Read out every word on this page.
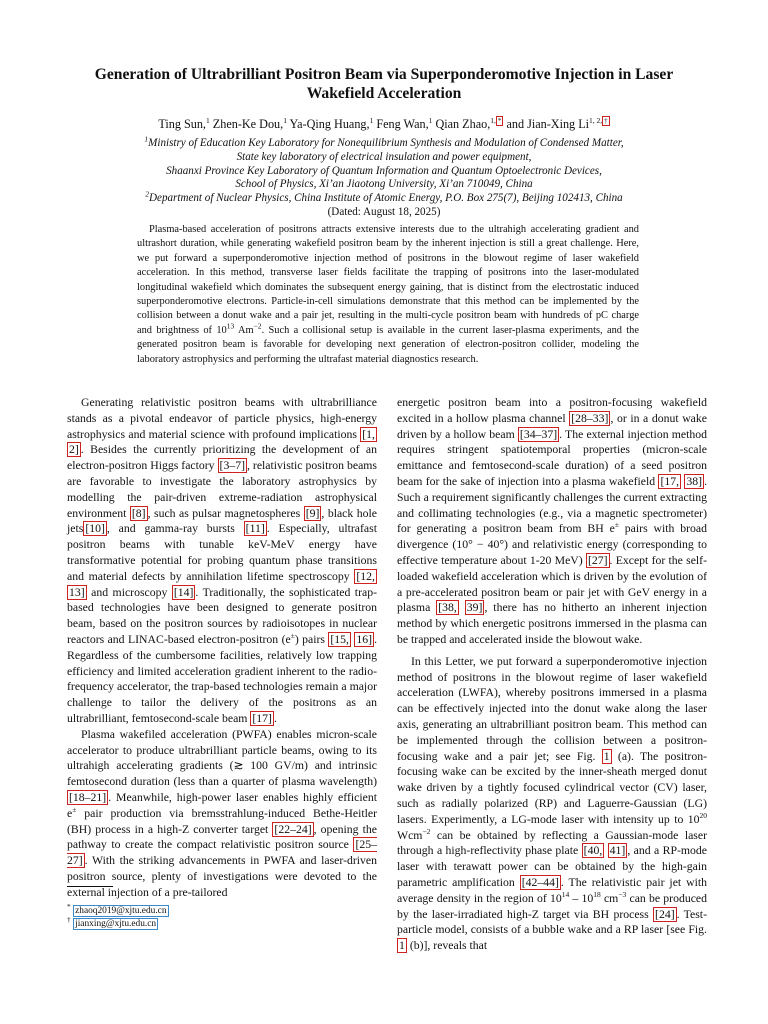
Generation of Ultrabrilliant Positron Beam via Superponderomotive Injection in Laser Wakefield Acceleration
Ting Sun,$^1$ Zhen-Ke Dou,$^1$ Ya-Qing Huang,$^1$ Feng Wan,$^1$ Qian Zhao,$^{1, *}$ and Jian-Xing $Li^{1, 2, \dagger}$
$^1$Ministry of Education Key Laboratory for Nonequilibrium Synthesis and Modulation of Condensed Matter,
State key laboratory of electrical insulation and power equipment,
Shaanxi Province Key Laboratory of Quantum Information and Quantum Optoelectronic Devices,
School of Physics, Xi’an Jiaotong University, Xi’an 710049, China
$^2$Department of Nuclear Physics, China Institute of Atomic Energy, P.O. Box 275(7), Beijing 102413, China
(Dated: August 18, 2025)
Plasma-based acceleration of positrons attracts extensive interests due to the ultrahigh accelerating gradient and ultrashort duration, while generating wakefield positron beam by the inherent injection is still a great challenge. Here, we put forward a superponderomotive injection method of positrons in the blowout regime of laser wakefield acceleration. In this method, transverse laser fields facilitate the trapping of positrons into the laser-modulated longitudinal wakefield which dominates the subsequent energy gaining, that is distinct from the electrostatic induced superponderomotive electrons. Particle-in-cell simulations demonstrate that this method can be implemented by the collision between a donut wake and a pair jet, resulting in the multi-cycle positron beam with hundreds of pC charge and brightness of $10^{13}$ $Am^{-2}$. Such a collisional setup is available in the current laser-plasma experiments, and the generated positron beam is favorable for developing next generation of electron-positron collider, modeling the laboratory astrophysics and performing the ultrafast material diagnostics research.

Generating relativistic positron beams with ultrabrilliance stands as a pivotal endeavor of particle physics, high-energy astrophysics and material science with profound implications [1, 2] . Besides the currently prioritizing the development of an electron-positron Higgs factory [3–7] , relativistic positron beams are favorable to investigate the laboratory astrophysics by modelling the pair-driven extreme-radiation astrophysical environment [8] , such as pulsar magnetospheres [9] , black hole jets [10] , and gamma-ray bursts [11] . Especially, ultrafast positron beams with tunable keV-MeV energy have transformative potential for probing quantum phase transitions and material defects by annihilation lifetime spectroscopy [12, 13] and microscopy [14] . Traditionally, the sophisticated trap-based technologies have been designed to generate positron beam, based on the positron sources by radioisotopes in nuclear reactors and LINAC-based electron-positron (e±) pairs [15, 16] . Regardless of the cumbersome facilities, relatively low trapping efficiency and limited acceleration gradient inherent to the radio-frequency accelerator, the trap-based technologies remain a major challenge to tailor the delivery of the positrons as an ultrabrilliant, femtosecond-scale beam [17] .

Plasma wakefiled acceleration (PWFA) enables micron-scale accelerator to produce ultrabrilliant particle beams, owing to its ultrahigh accelerating gradients (≳ 100 GV/m) and intrinsic femtosecond duration (less than a quarter of plasma wavelength) [18–21] . Meanwhile, high-power laser enables highly efficient e± pair production via bremsstrahlung-induced Bethe-Heitler (BH) process in a high-Z converter target [22–24] , opening the pathway to create the compact relativistic positron source [25–27] . With the striking advancements in PWFA and laser-driven positron source, plenty of investigations were devoted to the external injection of a pre-tailored

energetic positron beam into a positron-focusing wakefield excited in a hollow plasma channel [28–33] , or in a donut wake driven by a hollow beam [34–37] . The external injection method requires stringent spatiotemporal properties (micron-scale emittance and femtosecond-scale duration) of a seed positron beam for the sake of injection into a plasma wakefield [17, 38] . Such a requirement significantly challenges the current extracting and collimating technologies (e.g., via a magnetic spectrometer) for generating a positron beam from BH e± pairs with broad divergence (10° − 40°) and relativistic energy (corresponding to effective temperature about 1-20 MeV) [27] . Except for the self-loaded wakefield acceleration which is driven by the evolution of a pre-accelerated positron beam or pair jet with GeV energy in a plasma [38, 39] , there has no hitherto an inherent injection method by which energetic positrons immersed in the plasma can be trapped and accelerated inside the blowout wake.

In this Letter, we put forward a superponderomotive injection method of positrons in the blowout regime of laser wakefield acceleration (LWFA), whereby positrons immersed in a plasma can be effectively injected into the donut wake along the laser axis, generating an ultrabrilliant positron beam. This method can be implemented through the collision between a positron-focusing wake and a pair jet; see Fig. 1 (a). The positron-focusing wake can be excited by the inner-sheath merged donut wake driven by a tightly focused cylindrical vector (CV) laser, such as radially polarized (RP) and Laguerre-Gaussian (LG) lasers. Experimently, a LG-mode laser with intensity up to $10^{20}$ Wcm$^{-2}$ can be obtained by reflecting a Gaussian-mode laser through a high-reflectivity phase plate [40, 41] , and a RP-mode laser with terawatt power can be obtained by the high-gain parametric amplification [42–44] . The relativistic pair jet with average density in the region of $10^{14} - 10^{18}$ $cm^{-3}$ can be produced by the laser-irradiated high-Z target via BH process [24] . Test-particle model, consists of a bubble wake and a RP laser [see Fig. 1 (b)], reveals that

* zhaoq2019@xjtu.edu.cn
† jianxing@xjtu.edu.cn
